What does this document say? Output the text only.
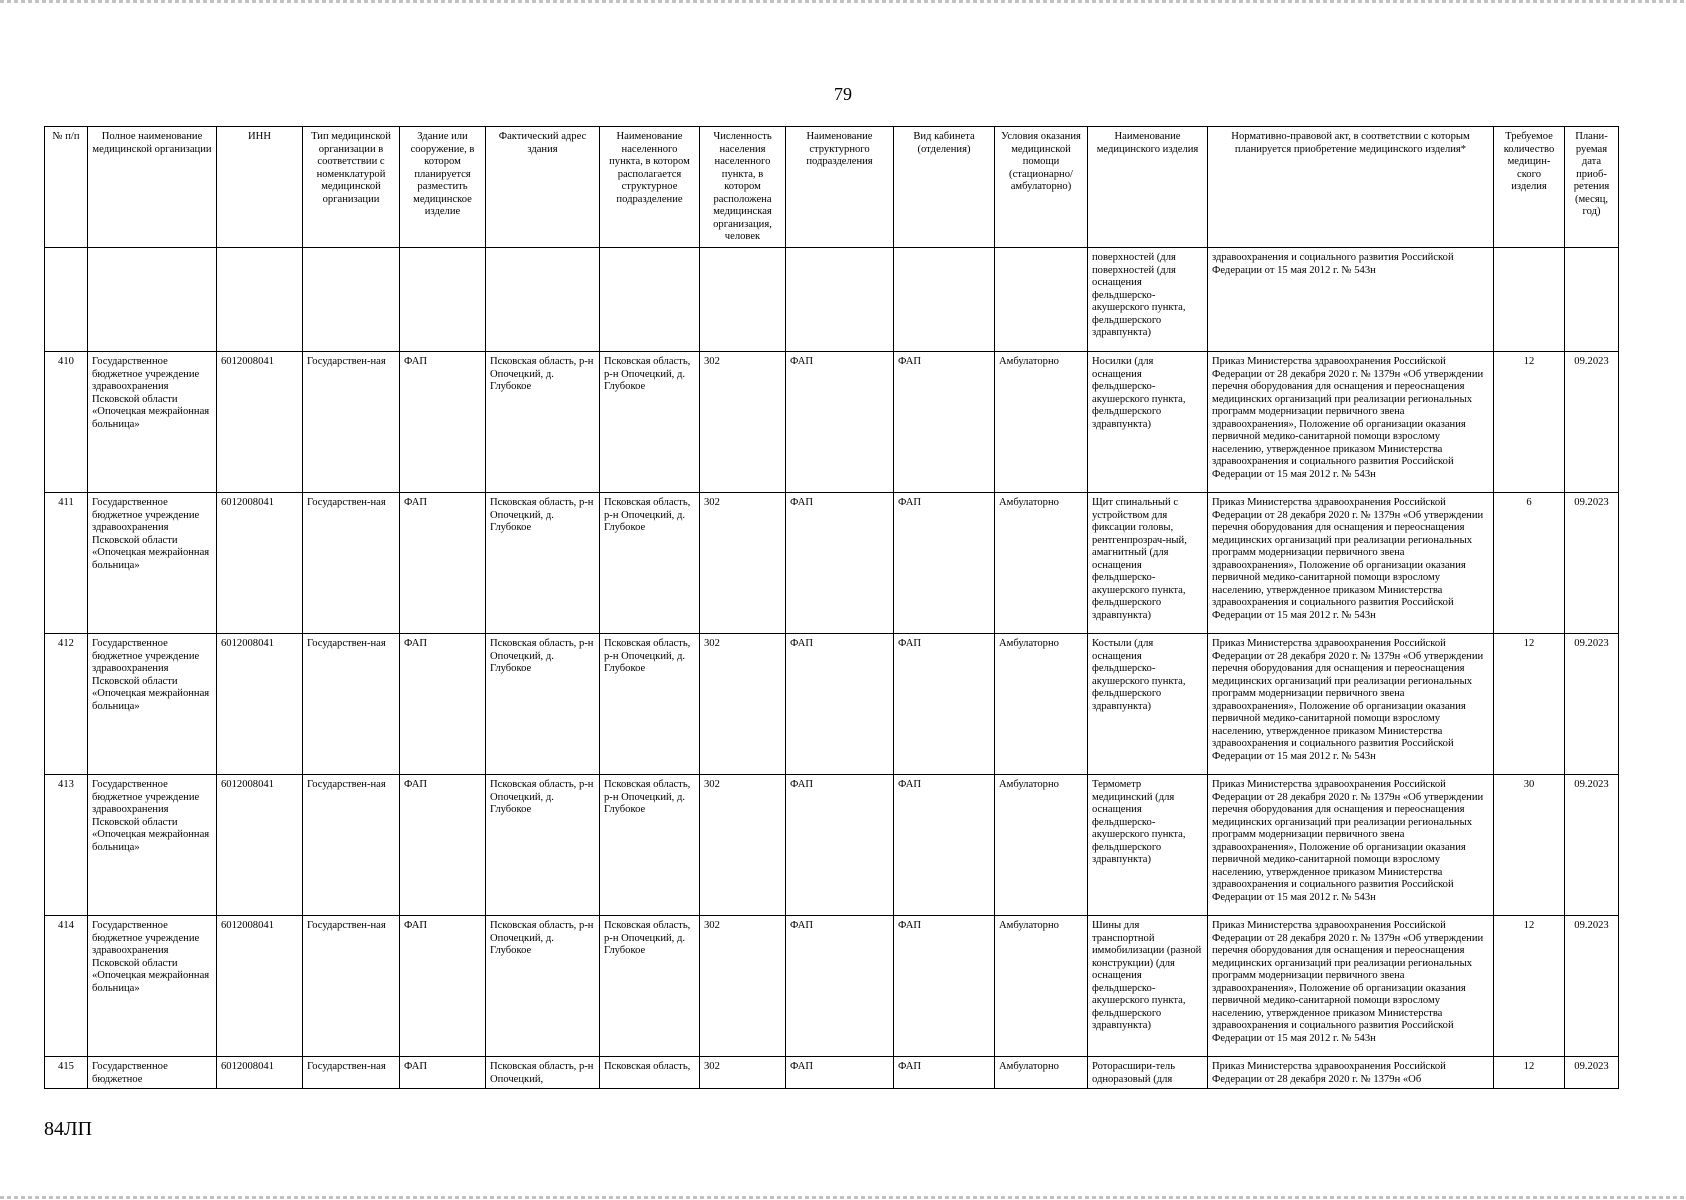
79
№ п/п	Полное наименование медицинской организации	ИНН	Тип медицинской организации в соответствии с номенклатурой медицинской организации	Здание или сооружение, в котором планируется разместить медицинское изделие	Фактический адрес здания	Наименование населенного пункта, в котором располагается структурное подразделение	Численность населения населенного пункта, в котором расположена медицинская организация, человек	Наименование структурного подразделения	Вид кабинета (отделения)	Условия оказания медицинской помощи (стационарно/ амбулаторно)	Наименование медицинского изделия	Нормативно-правовой акт, в соответствии с которым планируется приобретение медицинского изделия*	Требуемое количество медицин-ского изделия	Плани-руемая дата приоб-ретения (месяц, год)
											поверхностей (для поверхностей (для оснащения фельдшерско-акушерского пункта, фельдшерского здравпункта)	здравоохранения и социального развития Российской Федерации от 15 мая 2012 г. № 543н		
410	Государственное бюджетное учреждение здравоохранения Псковской области «Опочецкая межрайонная больница»	6012008041	Государствен-ная	ФАП	Псковская область, р-н Опочецкий, д. Глубокое	Псковская область, р-н Опочецкий, д. Глубокое	302	ФАП	ФАП	Амбулаторно	Носилки (для оснащения фельдшерско-акушерского пункта, фельдшерского здравпункта)	Приказ Министерства здравоохранения Российской Федерации от 28 декабря 2020 г. № 1379н «Об утверждении перечня оборудования для оснащения и переоснащения медицинских организаций при реализации региональных программ модернизации первичного звена здравоохранения», Положение об организации оказания первичной медико-санитарной помощи взрослому населению, утвержденное приказом Министерства здравоохранения и социального развития Российской Федерации от 15 мая 2012 г. № 543н	12	09.2023
411	Государственное бюджетное учреждение здравоохранения Псковской области «Опочецкая межрайонная больница»	6012008041	Государствен-ная	ФАП	Псковская область, р-н Опочецкий, д. Глубокое	Псковская область, р-н Опочецкий, д. Глубокое	302	ФАП	ФАП	Амбулаторно	Щит спинальный с устройством для фиксации головы, рентгенпрозрач-ный, амагнитный (для оснащения фельдшерско-акушерского пункта, фельдшерского здравпункта)	Приказ Министерства здравоохранения Российской Федерации от 28 декабря 2020 г. № 1379н «Об утверждении перечня оборудования для оснащения и переоснащения медицинских организаций при реализации региональных программ модернизации первичного звена здравоохранения», Положение об организации оказания первичной медико-санитарной помощи взрослому населению, утвержденное приказом Министерства здравоохранения и социального развития Российской Федерации от 15 мая 2012 г. № 543н	6	09.2023
412	Государственное бюджетное учреждение здравоохранения Псковской области «Опочецкая межрайонная больница»	6012008041	Государствен-ная	ФАП	Псковская область, р-н Опочецкий, д. Глубокое	Псковская область, р-н Опочецкий, д. Глубокое	302	ФАП	ФАП	Амбулаторно	Костыли (для оснащения фельдшерско-акушерского пункта, фельдшерского здравпункта)	Приказ Министерства здравоохранения Российской Федерации от 28 декабря 2020 г. № 1379н «Об утверждении перечня оборудования для оснащения и переоснащения медицинских организаций при реализации региональных программ модернизации первичного звена здравоохранения», Положение об организации оказания первичной медико-санитарной помощи взрослому населению, утвержденное приказом Министерства здравоохранения и социального развития Российской Федерации от 15 мая 2012 г. № 543н	12	09.2023
413	Государственное бюджетное учреждение здравоохранения Псковской области «Опочецкая межрайонная больница»	6012008041	Государствен-ная	ФАП	Псковская область, р-н Опочецкий, д. Глубокое	Псковская область, р-н Опочецкий, д. Глубокое	302	ФАП	ФАП	Амбулаторно	Термометр медицинский (для оснащения фельдшерско-акушерского пункта, фельдшерского здравпункта)	Приказ Министерства здравоохранения Российской Федерации от 28 декабря 2020 г. № 1379н «Об утверждении перечня оборудования для оснащения и переоснащения медицинских организаций при реализации региональных программ модернизации первичного звена здравоохранения», Положение об организации оказания первичной медико-санитарной помощи взрослому населению, утвержденное приказом Министерства здравоохранения и социального развития Российской Федерации от 15 мая 2012 г. № 543н	30	09.2023
414	Государственное бюджетное учреждение здравоохранения Псковской области «Опочецкая межрайонная больница»	6012008041	Государствен-ная	ФАП	Псковская область, р-н Опочецкий, д. Глубокое	Псковская область, р-н Опочецкий, д. Глубокое	302	ФАП	ФАП	Амбулаторно	Шины для транспортной иммобилизации (разной конструкции) (для оснащения фельдшерско-акушерского пункта, фельдшерского здравпункта)	Приказ Министерства здравоохранения Российской Федерации от 28 декабря 2020 г. № 1379н «Об утверждении перечня оборудования для оснащения и переоснащения медицинских организаций при реализации региональных программ модернизации первичного звена здравоохранения», Положение об организации оказания первичной медико-санитарной помощи взрослому населению, утвержденное приказом Министерства здравоохранения и социального развития Российской Федерации от 15 мая 2012 г. № 543н	12	09.2023
415	Государственное бюджетное	6012008041	Государствен-ная	ФАП	Псковская область, р-н Опочецкий,	Псковская область,	302	ФАП	ФАП	Амбулаторно	Роторасшири-тель одноразовый (для	Приказ Министерства здравоохранения Российской Федерации от 28 декабря 2020 г. № 1379н «Об	12	09.2023
84ЛП
